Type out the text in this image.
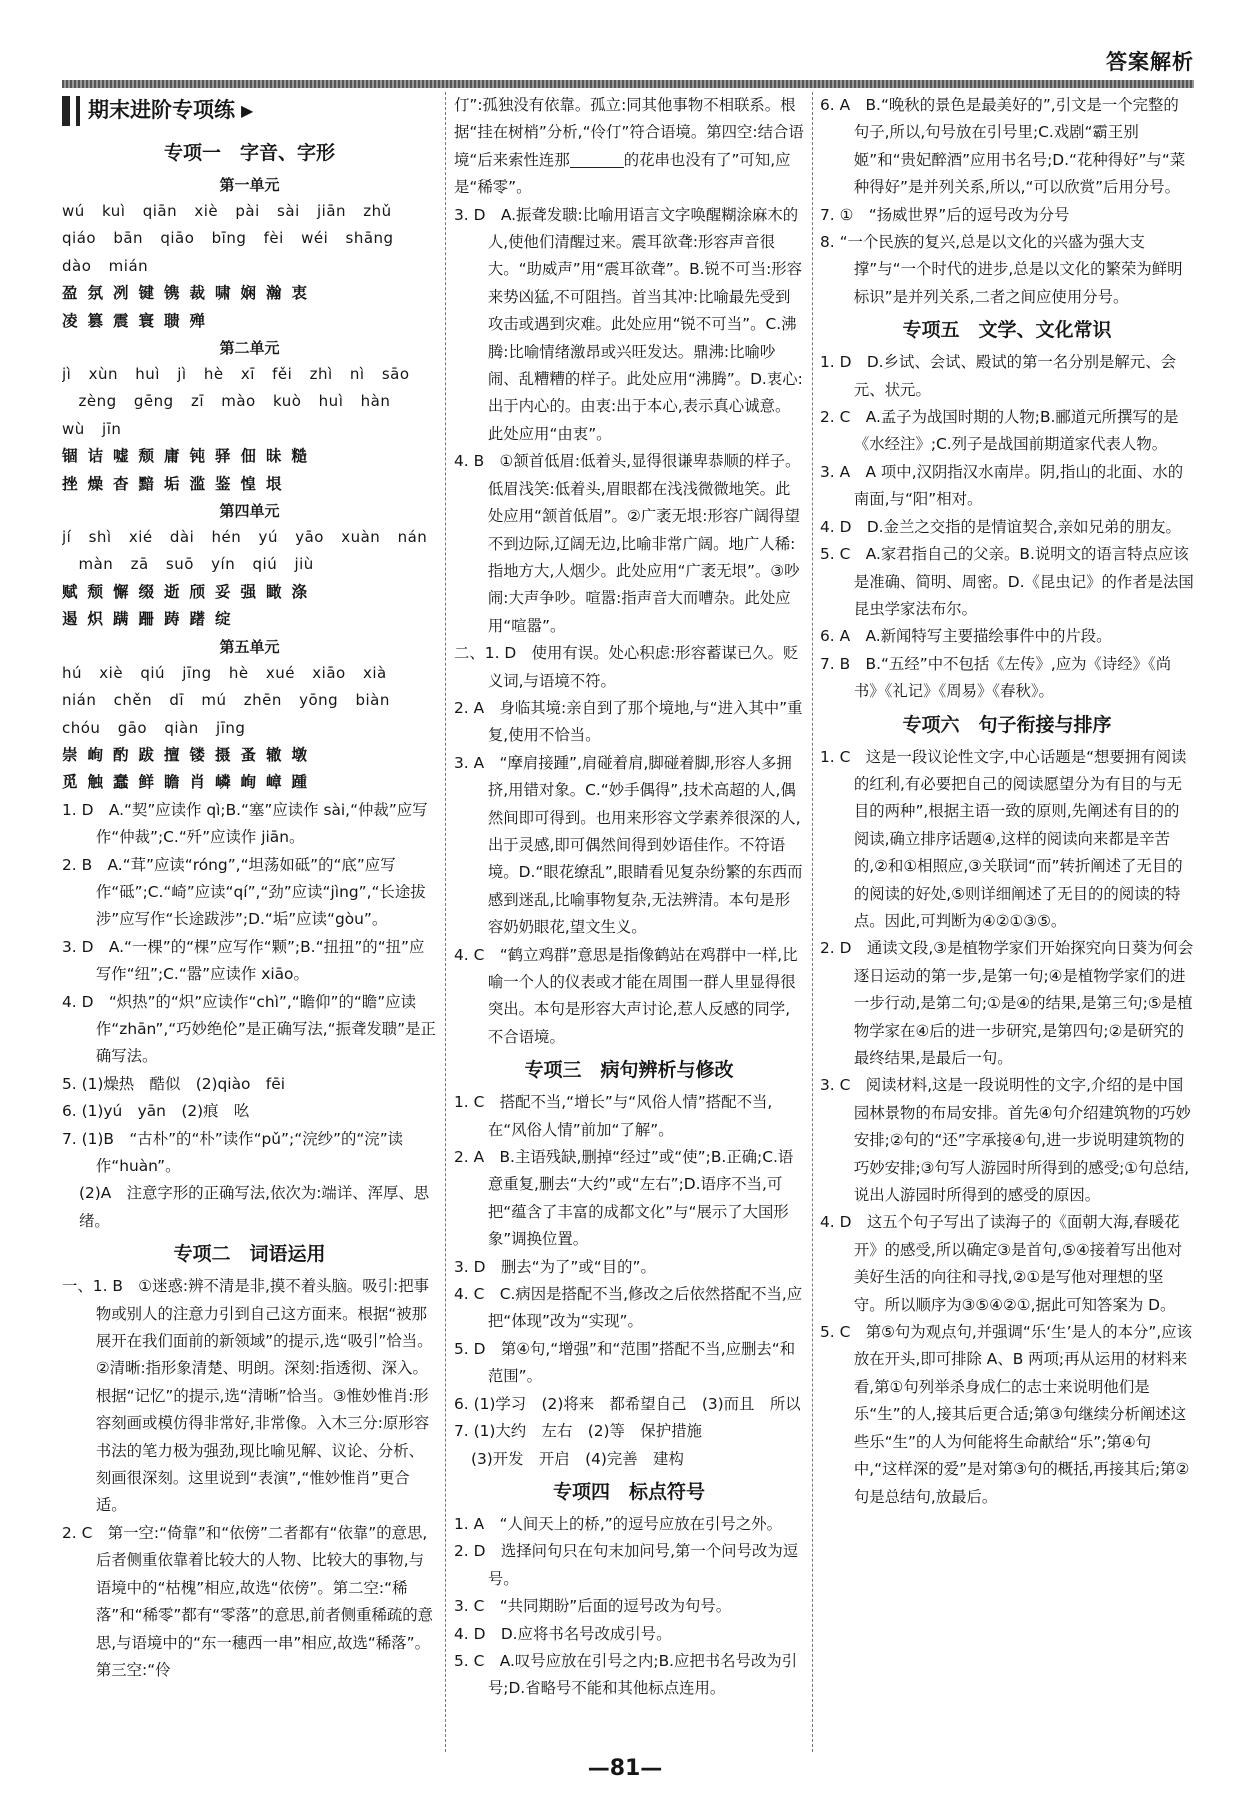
答案解析
期末进阶专项练 ▶
专项一　字音、字形
第一单元

wú kuì qiān xiè pài sài jiān zhǔ

qiáo bān qiāo bīng fèi wéi shāng

dào mián

盈氛冽键镌裁啸娴瀚衷

凌篡震寰聩殚

第二单元

jì xùn huì jì hè xī fěi zhì nì sāo

zèng gēng zī mào kuò huì hàn

wù jīn

锢诘嘘颓庸钝驿佃昧糙

挫燥杳黯垢滥鉴惶垠

第四单元

jí shì xié dài hén yú yāo xuàn nán

màn zā suō yín qiú jiù

赋颓懈缀逝颀妥强瞰涤

遏炽蹒跚踌躇绽

第五单元

hú xiè qiú jīng hè xué xiāo xià

nián chěn dī mú zhēn yōng biàn

chóu gāo qiàn jīng

崇峋酌跋擅镂摄蚤辙墩

觅触蠢鲜瞻肖嶙峋嶂踵

1. D　A.“契”应读作 qì;B.“塞”应读作 sài,“仲裁”应写作“仲裁”;C.“歼”应读作 jiān。

2. B　A.“茸”应读“róng”,“坦荡如砥”的“底”应写作“砥”;C.“崎”应读“qí”,“劲”应读“jìng”,“长途拔涉”应写作“长途跋涉”;D.“垢”应读“gòu”。

3. D　A.“一棵”的“棵”应写作“颗”;B.“扭扭”的“扭”应写作“纽”;C.“嚣”应读作 xiāo。

4. D　“炽热”的“炽”应读作“chì”,“瞻仰”的“瞻”应读作“zhān”,“巧妙绝伦”是正确写法,“振聋发聩”是正确写法。

5. (1)燥热　酷似　(2)qiào　fēi

6. (1)yú　yān　(2)痕　吆

7. (1)B　“古朴”的“朴”读作“pǔ”;“浣纱”的“浣”读作“huàn”。

(2)A　注意字形的正确写法,依次为:端详、浑厚、思绪。

专项二　词语运用

一、1. B　①迷惑:辨不清是非,摸不着头脑。吸引:把事物或别人的注意力引到自己这方面来。根据“被那展开在我们面前的新领域”的提示,选“吸引”恰当。②清晰:指形象清楚、明朗。深刻:指透彻、深入。根据“记忆”的提示,选“清晰”恰当。③惟妙惟肖:形容刻画或模仿得非常好,非常像。入木三分:原形容书法的笔力极为强劲,现比喻见解、议论、分析、刻画很深刻。这里说到“表演”,“惟妙惟肖”更合适。

2. C　第一空:“倚靠”和“依傍”二者都有“依靠”的意思,后者侧重依靠着比较大的人物、比较大的事物,与语境中的“枯槐”相应,故选“依傍”。第二空:“稀落”和“稀零”都有“零落”的意思,前者侧重稀疏的意思,与语境中的“东一穗西一串”相应,故选“稀落”。第三空:“伶

仃”:孤独没有依靠。孤立:同其他事物不相联系。根据“挂在树梢”分析,“伶仃”符合语境。第四空:结合语境“后来索性连那	的花串也没有了”可知,应是“稀零”。

3. D　A.振聋发聩:比喻用语言文字唤醒糊涂麻木的人,使他们清醒过来。震耳欲聋:形容声音很大。“助威声”用“震耳欲聋”。B.锐不可当:形容来势凶猛,不可阻挡。首当其冲:比喻最先受到攻击或遇到灾难。此处应用“锐不可当”。C.沸腾:比喻情绪激昂或兴旺发达。鼎沸:比喻吵闹、乱糟糟的样子。此处应用“沸腾”。D.衷心:出于内心的。由衷:出于本心,表示真心诚意。此处应用“由衷”。

4. B　①颔首低眉:低着头,显得很谦卑恭顺的样子。低眉浅笑:低着头,眉眼都在浅浅微微地笑。此处应用“颔首低眉”。②广袤无垠:形容广阔得望不到边际,辽阔无边,比喻非常广阔。地广人稀:指地方大,人烟少。此处应用“广袤无垠”。③吵闹:大声争吵。喧嚣:指声音大而嘈杂。此处应用“喧嚣”。

二、1. D　使用有误。处心积虑:形容蓄谋已久。贬义词,与语境不符。

2. A　身临其境:亲自到了那个境地,与“进入其中”重复,使用不恰当。

3. A　“摩肩接踵”,肩碰着肩,脚碰着脚,形容人多拥挤,用错对象。C.“妙手偶得”,技术高超的人,偶然间即可得到。也用来形容文学素养很深的人,出于灵感,即可偶然间得到妙语佳作。不符语境。D.“眼花缭乱”,眼睛看见复杂纷繁的东西而感到迷乱,比喻事物复杂,无法辨清。本句是形容奶奶眼花,望文生义。

4. C　“鹤立鸡群”意思是指像鹤站在鸡群中一样,比喻一个人的仪表或才能在周围一群人里显得很突出。本句是形容大声讨论,惹人反感的同学,不合语境。

专项三　病句辨析与修改

1. C　搭配不当,“增长”与“风俗人情”搭配不当,在“风俗人情”前加“了解”。

2. A　B.主语残缺,删掉“经过”或“使”;B.正确;C.语意重复,删去“大约”或“左右”;D.语序不当,可把“蕴含了丰富的成都文化”与“展示了大国形象”调换位置。

3. D　删去“为了”或“目的”。

4. C　C.病因是搭配不当,修改之后依然搭配不当,应把“体现”改为“实现”。

5. D　第④句,“增强”和“范围”搭配不当,应删去“和范围”。

6. (1)学习　(2)将来　都希望自己　(3)而且　所以

7. (1)大约　左右　(2)等　保护措施

(3)开发　开启　(4)完善　建构

专项四　标点符号

1. A　“人间天上的桥,”的逗号应放在引号之外。

2. D　选择问句只在句末加问号,第一个问号改为逗号。

3. C　“共同期盼”后面的逗号改为句号。

4. D　D.应将书名号改成引号。

5. C　A.叹号应放在引号之内;B.应把书名号改为引号;D.省略号不能和其他标点连用。

6. A　B.“晚秋的景色是最美好的”,引文是一个完整的句子,所以,句号放在引号里;C.戏剧“霸王别姬”和“贵妃醉酒”应用书名号;D.“花种得好”与“菜种得好”是并列关系,所以,“可以欣赏”后用分号。

7. ①　“扬威世界”后的逗号改为分号

8. “一个民族的复兴,总是以文化的兴盛为强大支撑”与“一个时代的进步,总是以文化的繁荣为鲜明标识”是并列关系,二者之间应使用分号。

专项五　文学、文化常识

1. D　D.乡试、会试、殿试的第一名分别是解元、会元、状元。

2. C　A.孟子为战国时期的人物;B.郦道元所撰写的是《水经注》;C.列子是战国前期道家代表人物。

3. A　A 项中,汉阴指汉水南岸。阴,指山的北面、水的南面,与“阳”相对。

4. D　D.金兰之交指的是情谊契合,亲如兄弟的朋友。

5. C　A.家君指自己的父亲。B.说明文的语言特点应该是准确、简明、周密。D.《昆虫记》的作者是法国昆虫学家法布尔。

6. A　A.新闻特写主要描绘事件中的片段。

7. B　B.“五经”中不包括《左传》,应为《诗经》《尚书》《礼记》《周易》《春秋》。

专项六　句子衔接与排序

1. C　这是一段议论性文字,中心话题是“想要拥有阅读的红利,有必要把自己的阅读愿望分为有目的与无目的两种”,根据主语一致的原则,先阐述有目的的阅读,确立排序话题④,这样的阅读向来都是辛苦的,②和①相照应,③关联词“而”转折阐述了无目的的阅读的好处,⑤则详细阐述了无目的的阅读的特点。因此,可判断为④②①③⑤。

2. D　通读文段,③是植物学家们开始探究向日葵为何会逐日运动的第一步,是第一句;④是植物学家们的进一步行动,是第二句;①是④的结果,是第三句;⑤是植物学家在④后的进一步研究,是第四句;②是研究的最终结果,是最后一句。

3. C　阅读材料,这是一段说明性的文字,介绍的是中国园林景物的布局安排。首先④句介绍建筑物的巧妙安排;②句的“还”字承接④句,进一步说明建筑物的巧妙安排;③句写人游园时所得到的感受;①句总结,说出人游园时所得到的感受的原因。

4. D　这五个句子写出了读海子的《面朝大海,春暖花开》的感受,所以确定③是首句,⑤④接着写出他对美好生活的向往和寻找,②①是写他对理想的坚守。所以顺序为③⑤④②①,据此可知答案为 D。

5. C　第⑤句为观点句,并强调“乐‘生’是人的本分”,应该放在开头,即可排除 A、B 两项;再从运用的材料来看,第①句列举杀身成仁的志士来说明他们是乐“生”的人,接其后更合适;第③句继续分析阐述这些乐“生”的人为何能将生命献给“乐”;第④句中,“这样深的爱”是对第③句的概括,再接其后;第②句是总结句,放最后。

—81—
